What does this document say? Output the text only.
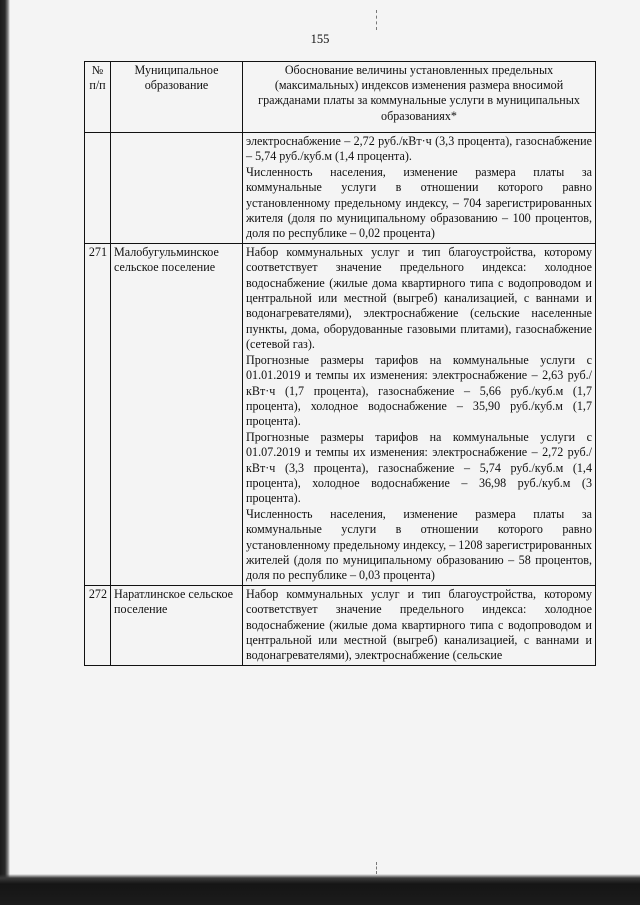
155
№ п/п	Муниципальное образование	Обоснование величины установленных предельных (максимальных) индексов изменения размера вносимой гражданами платы за коммунальные услуги в муниципальных образованиях*

		электроснабжение – 2,72 руб./кВт·ч (3,3 процента), газоснабжение – 5,74 руб./куб.м (1,4 процента).

Численность населения, изменение размера платы за коммунальные услуги в отношении которого равно установленному предельному индексу, – 704 зарегистрированных жителя (доля по муниципальному образованию – 100 процентов, доля по республике – 0,02 процента)

271	Малобугульминское сельское поселение	Набор коммунальных услуг и тип благоустройства, которому соответствует значение предельного индекса: холодное водоснабжение (жилые дома квартирного типа с водопроводом и центральной или местной (выгреб) канализацией, с ваннами и водонагревателями), электроснабжение (сельские населенные пункты, дома, оборудованные газовыми плитами), газоснабжение (сетевой газ).

Прогнозные размеры тарифов на коммунальные услуги с 01.01.2019 и темпы их изменения: электроснабжение – 2,63 руб./кВт·ч (1,7 процента), газоснабжение – 5,66 руб./куб.м (1,7 процента), холодное водоснабжение – 35,90 руб./куб.м (1,7 процента).

Прогнозные размеры тарифов на коммунальные услуги с 01.07.2019 и темпы их изменения: электроснабжение – 2,72 руб./кВт·ч (3,3 процента), газоснабжение – 5,74 руб./куб.м (1,4 процента), холодное водоснабжение – 36,98 руб./куб.м (3 процента).

Численность населения, изменение размера платы за коммунальные услуги в отношении которого равно установленному предельному индексу, – 1208 зарегистрированных жителей (доля по муниципальному образованию – 58 процентов, доля по республике – 0,03 процента)

272	Наратлинское сельское поселение	Набор коммунальных услуг и тип благоустройства, которому соответствует значение предельного индекса: холодное водоснабжение (жилые дома квартирного типа с водопроводом и центральной или местной (выгреб) канализацией, с ваннами и водонагревателями), электроснабжение (сельские
